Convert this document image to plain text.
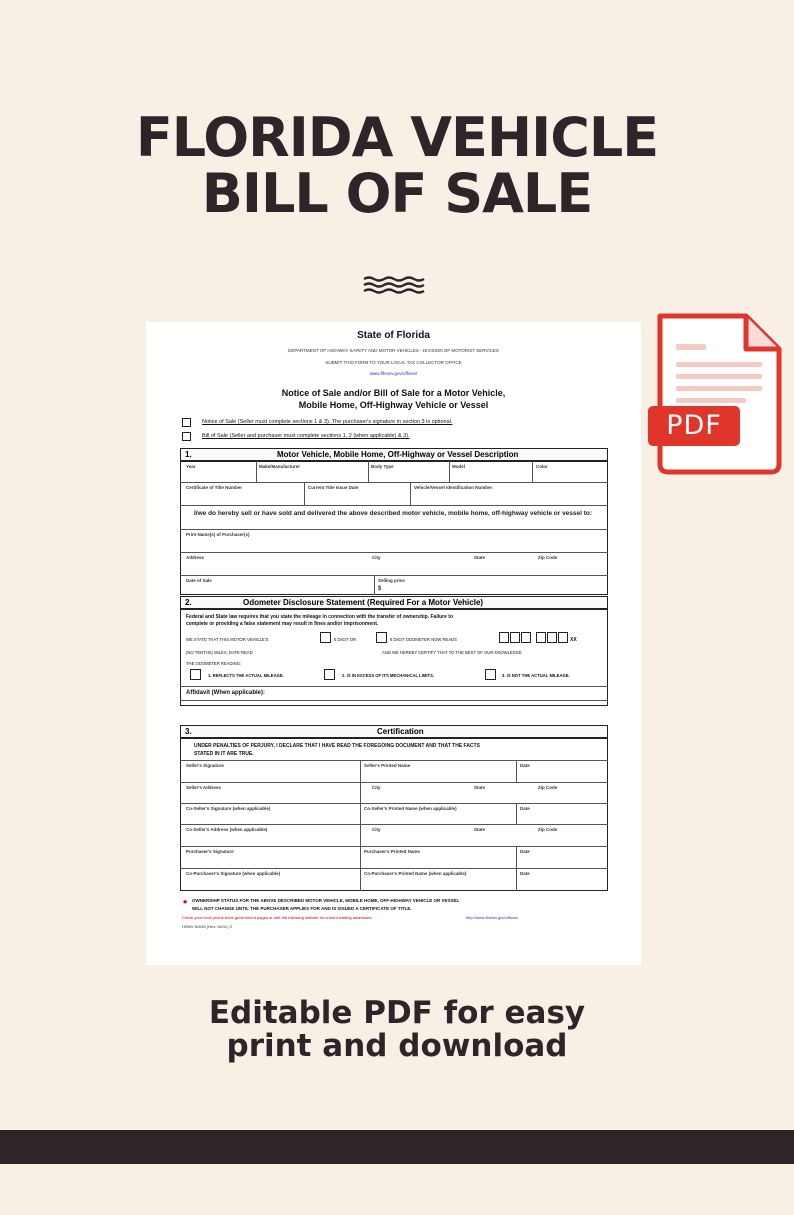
FLORIDA VEHICLE
BILL OF SALE
State of Florida
DEPARTMENT OF HIGHWAY SAFETY AND MOTOR VEHICLES - DIVISION OF MOTORIST SERVICES
SUBMIT THIS FORM TO YOUR LOCAL TAX COLLECTOR OFFICE
www.flhsmv.gov/offices/
Notice of Sale and/or Bill of Sale for a Motor Vehicle,
Mobile Home, Off-Highway Vehicle or Vessel
Notice of Sale (Seller must complete sections 1 & 3). The purchaser's signature in section 3 is optional.
Bill of Sale (Seller and purchaser must complete sections 1, 2 (when applicable) & 3).
1.	Motor Vehicle, Mobile Home, Off-Highway or Vessel Description
Year	Make/Manufacturer	Body Type	Model	Color
Certificate of Title Number	Current Title Issue Date	Vehicle/Vessel Identification Number
I/we do hereby sell or have sold and delivered the above described motor vehicle, mobile home, off-highway vehicle or vessel to:
Print Name(s) of Purchaser(s)
Address	City	State	Zip Code
Date of Sale	Selling price
$
2.	Odometer Disclosure Statement (Required For a Motor Vehicle)
Federal and State law requires that you state the mileage in connection with the transfer of ownership. Failure to
complete or providing a false statement may result in fines and/or imprisonment.
WE STATE THAT THIS MOTOR VEHICLE'S	5 DIGIT OR	6 DIGIT ODOMETER NOW READS	XX
(NO TENTHS) MILES, DATE READ	AND WE HEREBY CERTIFY THAT TO THE BEST OF OUR KNOWLEDGE
THE ODOMETER READING:
1. REFLECTS THE ACTUAL MILEAGE.	2. IS IN EXCESS OF ITS MECHANICAL LIMITS.	3. IS NOT THE ACTUAL MILEAGE.
Affidavit (When applicable):
3.	Certification
UNDER PENALTIES OF PERJURY, I DECLARE THAT I HAVE READ THE FOREGOING DOCUMENT AND THAT THE FACTS
STATED IN IT ARE TRUE.
Seller's Signature	Seller's Printed Name	Date
Seller's Address	City	State	Zip Code
Co-Seller's Signature (when applicable)	Co-Seller's Printed Name (when applicable)	Date
Co-Seller's Address (when applicable)	City	State	Zip Code
Purchaser's Signature	Purchaser's Printed Name	Date
Co-Purchaser's Signature (when applicable)	Co-Purchaser's Printed Name (when applicable)	Date
★ OWNERSHIP STATUS FOR THE ABOVE DESCRIBED MOTOR VEHICLE, MOBILE HOME, OFF-HIGHWAY VEHICLE OR VESSEL
WILL NOT CHANGE UNTIL THE PURCHASER APPLIES FOR AND IS ISSUED A CERTIFICATE OF TITLE.
Check your local phone book government pages or visit the following website for current mailing addresses:	http://www.flhsmv.gov/offices/
HSMV 82050 (Rev. 06/11) S
PDF
Editable PDF for easy
print and download
